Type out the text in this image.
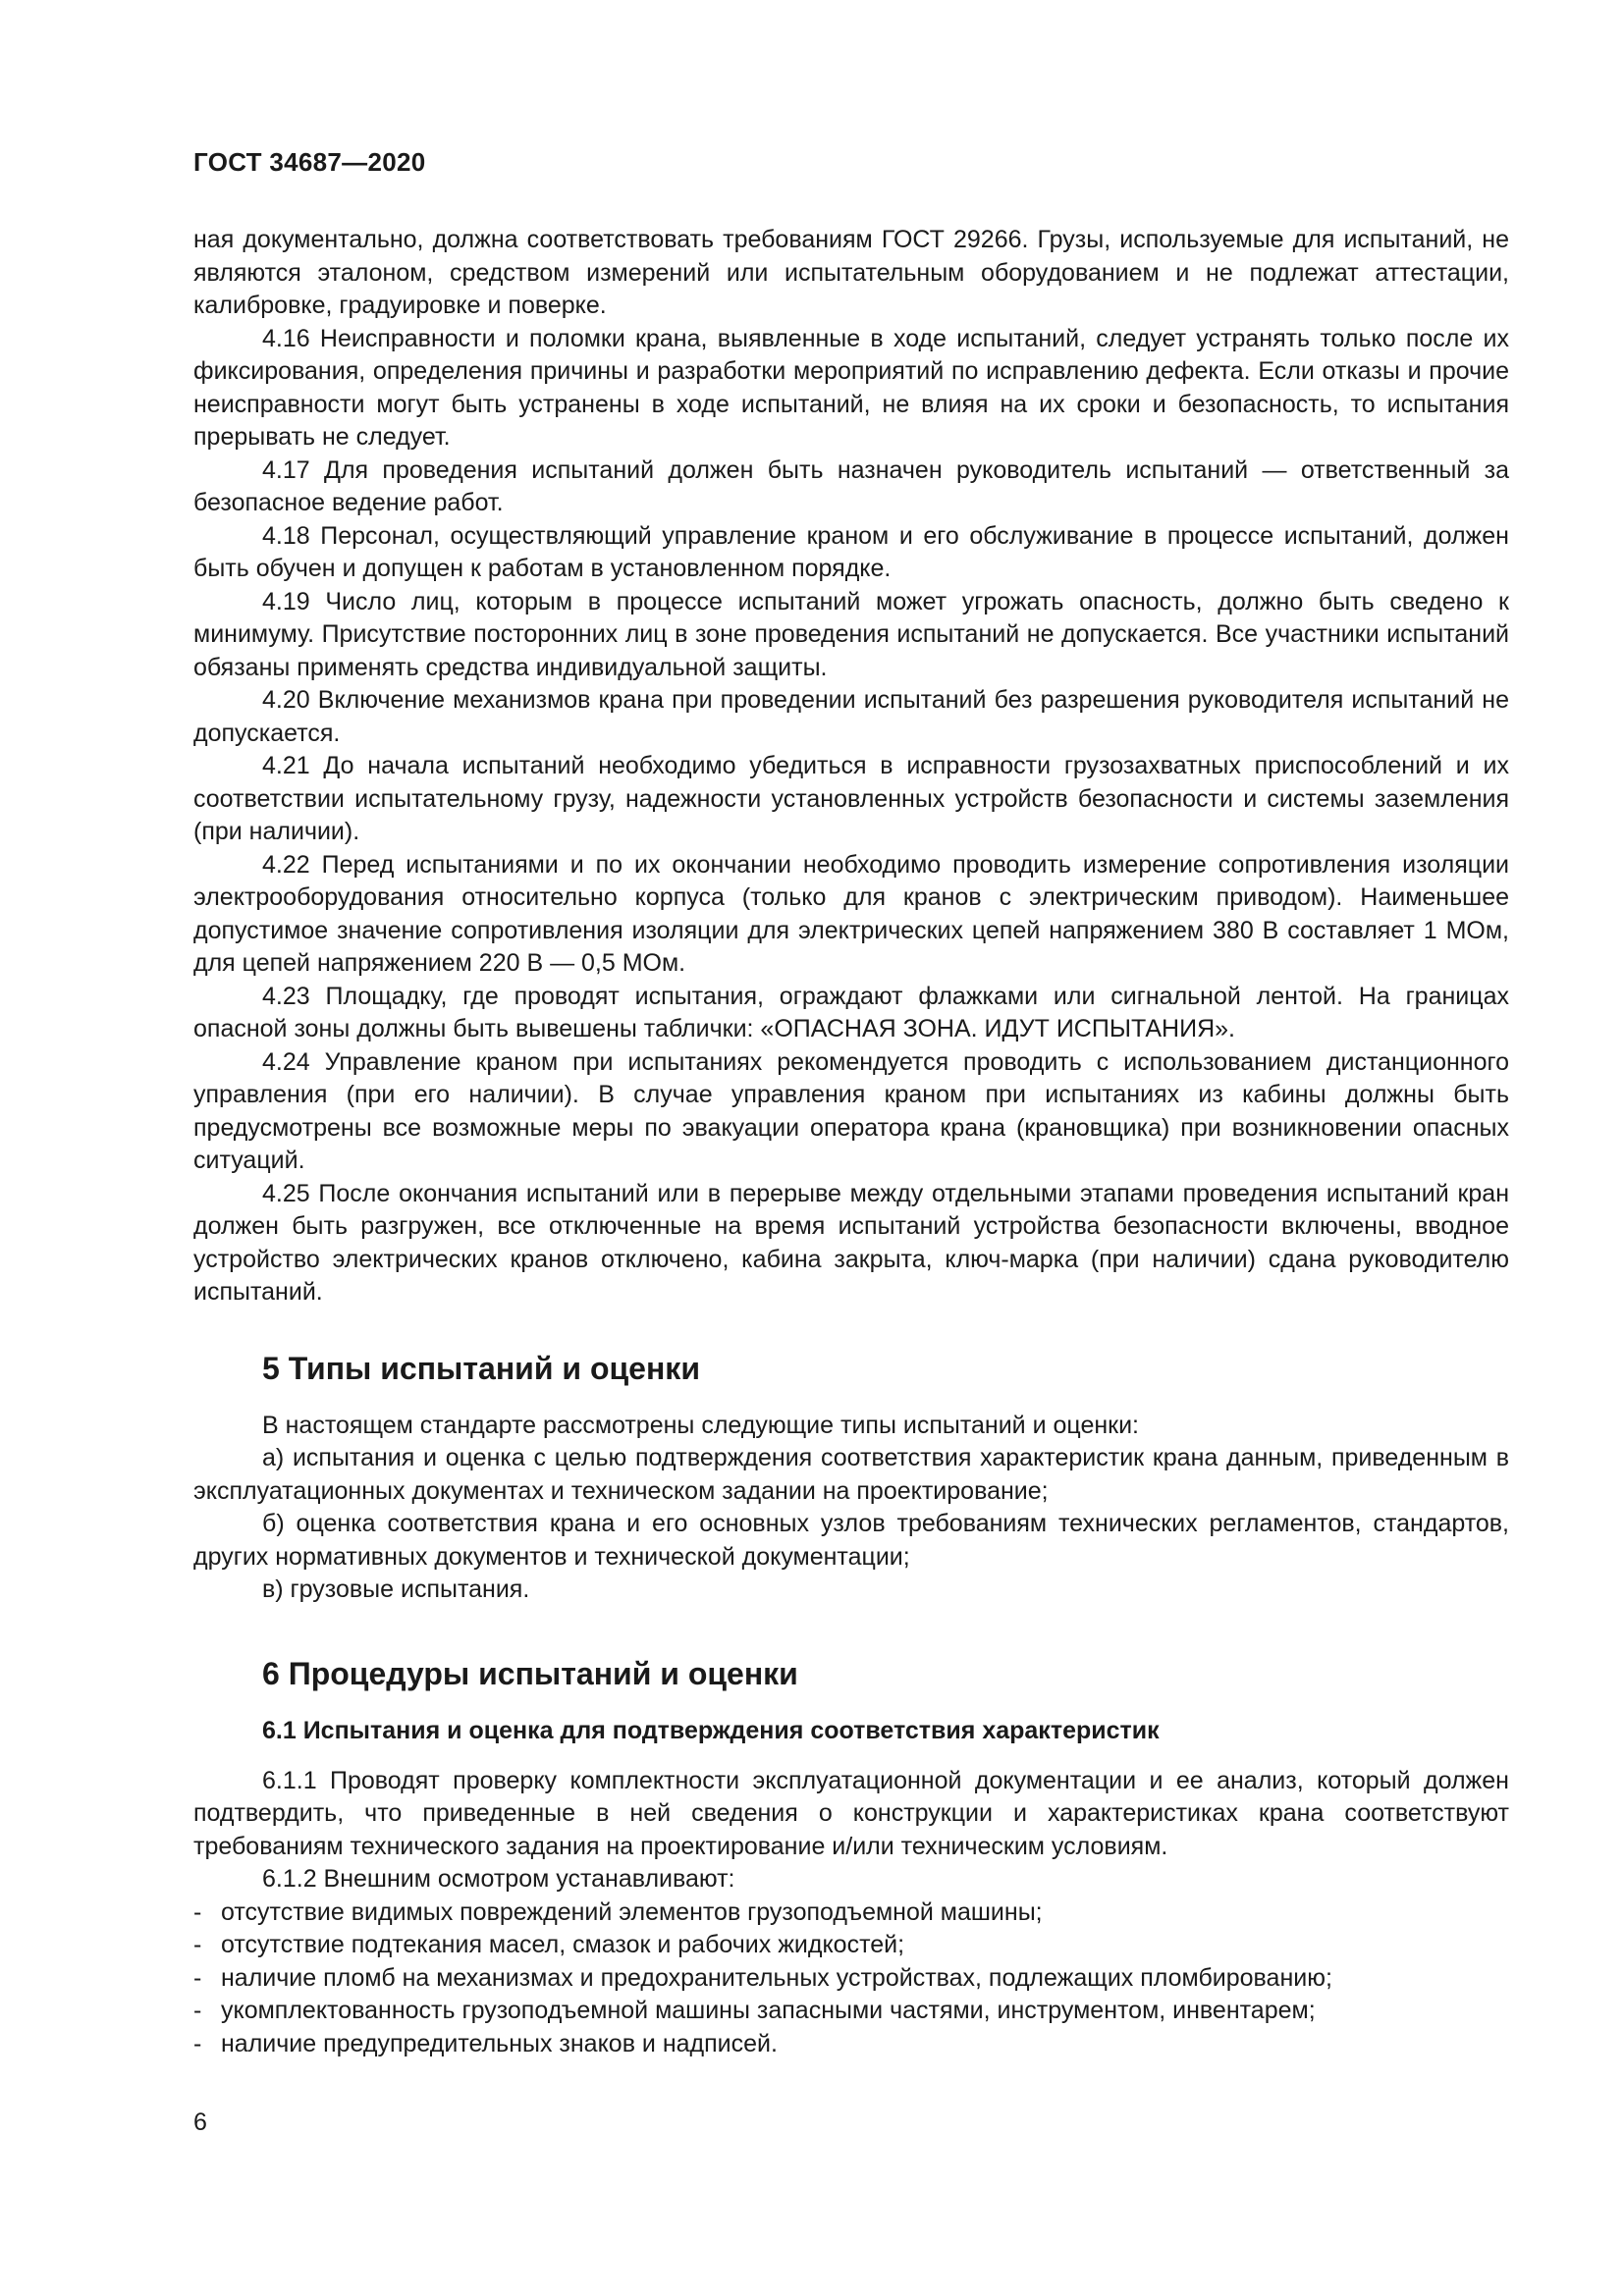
ГОСТ 34687—2020

ная документально, должна соответствовать требованиям ГОСТ 29266. Грузы, используемые для испытаний, не являются эталоном, средством измерений или испытательным оборудованием и не подлежат аттестации, калибровке, градуировке и поверке.

4.16 Неисправности и поломки крана, выявленные в ходе испытаний, следует устранять только после их фиксирования, определения причины и разработки мероприятий по исправлению дефекта. Если отказы и прочие неисправности могут быть устранены в ходе испытаний, не влияя на их сроки и безопасность, то испытания прерывать не следует.

4.17 Для проведения испытаний должен быть назначен руководитель испытаний — ответственный за безопасное ведение работ.

4.18 Персонал, осуществляющий управление краном и его обслуживание в процессе испытаний, должен быть обучен и допущен к работам в установленном порядке.

4.19 Число лиц, которым в процессе испытаний может угрожать опасность, должно быть сведено к минимуму. Присутствие посторонних лиц в зоне проведения испытаний не допускается. Все участники испытаний обязаны применять средства индивидуальной защиты.

4.20 Включение механизмов крана при проведении испытаний без разрешения руководителя испытаний не допускается.

4.21 До начала испытаний необходимо убедиться в исправности грузозахватных приспособлений и их соответствии испытательному грузу, надежности установленных устройств безопасности и системы заземления (при наличии).

4.22 Перед испытаниями и по их окончании необходимо проводить измерение сопротивления изоляции электрооборудования относительно корпуса (только для кранов с электрическим приводом). Наименьшее допустимое значение сопротивления изоляции для электрических цепей напряжением 380 В составляет 1 МОм, для цепей напряжением 220 В — 0,5 МОм.

4.23 Площадку, где проводят испытания, ограждают флажками или сигнальной лентой. На границах опасной зоны должны быть вывешены таблички: «ОПАСНАЯ ЗОНА. ИДУТ ИСПЫТАНИЯ».

4.24 Управление краном при испытаниях рекомендуется проводить с использованием дистанционного управления (при его наличии). В случае управления краном при испытаниях из кабины должны быть предусмотрены все возможные меры по эвакуации оператора крана (крановщика) при возникновении опасных ситуаций.

4.25 После окончания испытаний или в перерыве между отдельными этапами проведения испытаний кран должен быть разгружен, все отключенные на время испытаний устройства безопасности включены, вводное устройство электрических кранов отключено, кабина закрыта, ключ-марка (при наличии) сдана руководителю испытаний.

5 Типы испытаний и оценки

В настоящем стандарте рассмотрены следующие типы испытаний и оценки:

а) испытания и оценка с целью подтверждения соответствия характеристик крана данным, приведенным в эксплуатационных документах и техническом задании на проектирование;

б) оценка соответствия крана и его основных узлов требованиям технических регламентов, стандартов, других нормативных документов и технической документации;

в) грузовые испытания.

6 Процедуры испытаний и оценки
6.1 Испытания и оценка для подтверждения соответствия характеристик

6.1.1 Проводят проверку комплектности эксплуатационной документации и ее анализ, который должен подтвердить, что приведенные в ней сведения о конструкции и характеристиках крана соответствуют требованиям технического задания на проектирование и/или техническим условиям.

6.1.2 Внешним осмотром устанавливают:

- отсутствие видимых повреждений элементов грузоподъемной машины;
- отсутствие подтекания масел, смазок и рабочих жидкостей;
- наличие пломб на механизмах и предохранительных устройствах, подлежащих пломбированию;
- укомплектованность грузоподъемной машины запасными частями, инструментом, инвентарем;
- наличие предупредительных знаков и надписей.
6
